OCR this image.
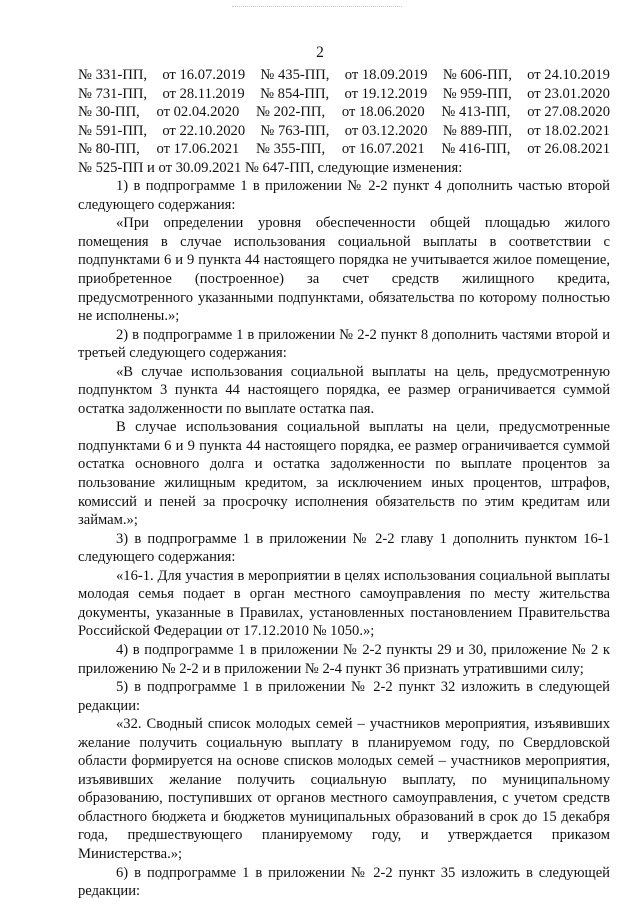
2
№ 331-ПП, от 16.07.2019 № 435-ПП, от 18.09.2019 № 606-ПП, от 24.10.2019
№ 731-ПП, от 28.11.2019 № 854-ПП, от 19.12.2019 № 959-ПП, от 23.01.2020
№ 30-ПП, от 02.04.2020 № 202-ПП, от 18.06.2020 № 413-ПП, от 27.08.2020
№ 591-ПП, от 22.10.2020 № 763-ПП, от 03.12.2020 № 889-ПП, от 18.02.2021
№ 80-ПП, от 17.06.2021 № 355-ПП, от 16.07.2021 № 416-ПП, от 26.08.2021
№ 525-ПП и от 30.09.2021 № 647-ПП, следующие изменения:

1) в подпрограмме 1 в приложении № 2-2 пункт 4 дополнить частью второй следующего содержания:

«При определении уровня обеспеченности общей площадью жилого помещения в случае использования социальной выплаты в соответствии с подпунктами 6 и 9 пункта 44 настоящего порядка не учитывается жилое помещение, приобретенное (построенное) за счет средств жилищного кредита, предусмотренного указанными подпунктами, обязательства по которому полностью не исполнены.»;

2) в подпрограмме 1 в приложении № 2-2 пункт 8 дополнить частями второй и третьей следующего содержания:

«В случае использования социальной выплаты на цель, предусмотренную подпунктом 3 пункта 44 настоящего порядка, ее размер ограничивается суммой остатка задолженности по выплате остатка пая.

В случае использования социальной выплаты на цели, предусмотренные подпунктами 6 и 9 пункта 44 настоящего порядка, ее размер ограничивается суммой остатка основного долга и остатка задолженности по выплате процентов за пользование жилищным кредитом, за исключением иных процентов, штрафов, комиссий и пеней за просрочку исполнения обязательств по этим кредитам или займам.»;

3) в подпрограмме 1 в приложении № 2-2 главу 1 дополнить пунктом 16-1 следующего содержания:

«16-1. Для участия в мероприятии в целях использования социальной выплаты молодая семья подает в орган местного самоуправления по месту жительства документы, указанные в Правилах, установленных постановлением Правительства Российской Федерации от 17.12.2010 № 1050.»;

4) в подпрограмме 1 в приложении № 2-2 пункты 29 и 30, приложение № 2 к приложению № 2-2 и в приложении № 2-4 пункт 36 признать утратившими силу;

5) в подпрограмме 1 в приложении № 2-2 пункт 32 изложить в следующей редакции:

«32. Сводный список молодых семей – участников мероприятия, изъявивших желание получить социальную выплату в планируемом году, по Свердловской области формируется на основе списков молодых семей – участников мероприятия, изъявивших желание получить социальную выплату, по муниципальному образованию, поступивших от органов местного самоуправления, с учетом средств областного бюджета и бюджетов муниципальных образований в срок до 15 декабря года, предшествующего планируемому году, и утверждается приказом Министерства.»;

6) в подпрограмме 1 в приложении № 2-2 пункт 35 изложить в следующей редакции:
